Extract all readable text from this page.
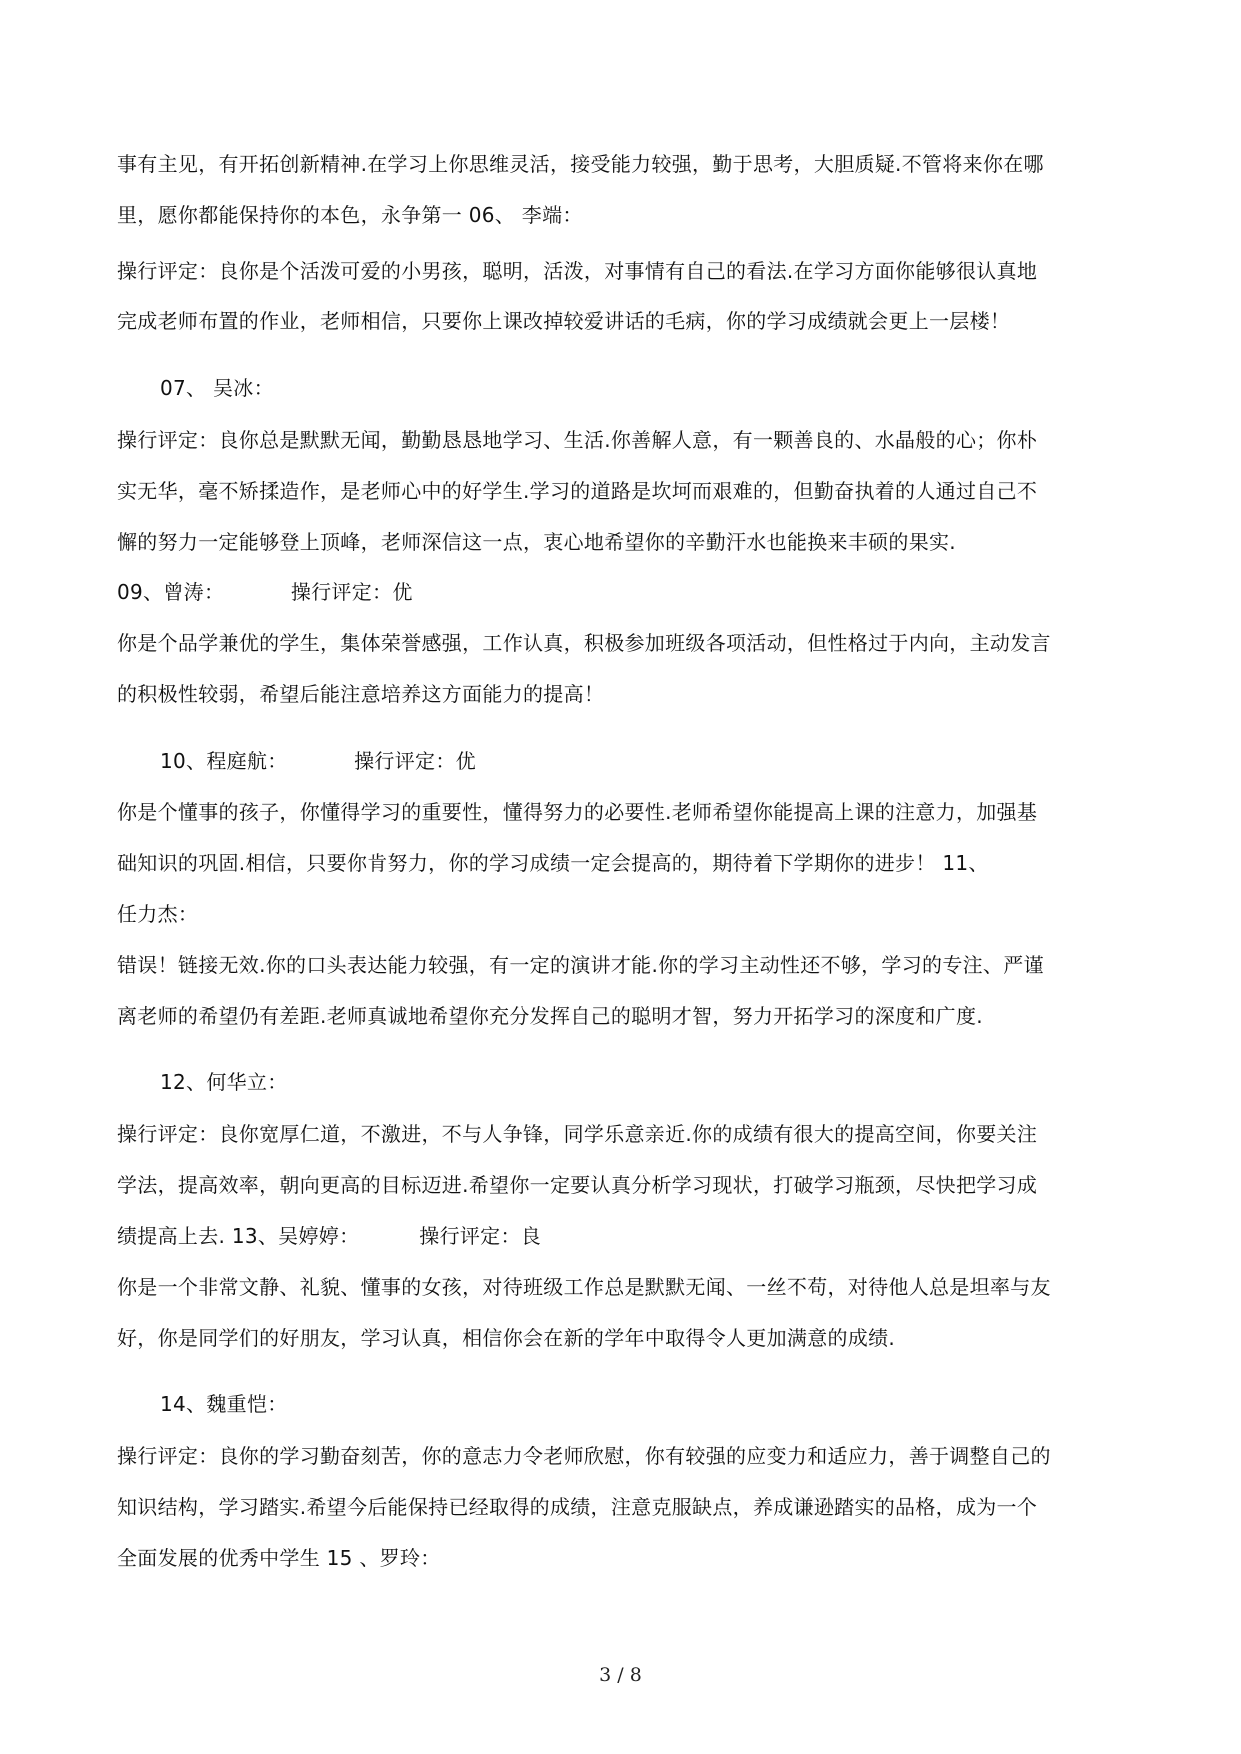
事有主见，有开拓创新精神.在学习上你思维灵活，接受能力较强，勤于思考，大胆质疑.不管将来你在哪
里，愿你都能保持你的本色，永争第一 06、 李端：
操行评定：良你是个活泼可爱的小男孩，聪明，活泼，对事情有自己的看法.在学习方面你能够很认真地
完成老师布置的作业，老师相信，只要你上课改掉较爱讲话的毛病，你的学习成绩就会更上一层楼！
07、 吴冰：
操行评定：良你总是默默无闻，勤勤恳恳地学习、生活.你善解人意，有一颗善良的、水晶般的心；你朴
实无华，毫不矫揉造作，是老师心中的好学生.学习的道路是坎坷而艰难的，但勤奋执着的人通过自己不
懈的努力一定能够登上顶峰，老师深信这一点，衷心地希望你的辛勤汗水也能换来丰硕的果实.
09、曾涛：          操行评定：优
你是个品学兼优的学生，集体荣誉感强，工作认真，积极参加班级各项活动，但性格过于内向，主动发言
的积极性较弱，希望后能注意培养这方面能力的提高！
10、程庭航：          操行评定：优
你是个懂事的孩子，你懂得学习的重要性，懂得努力的必要性.老师希望你能提高上课的注意力，加强基
础知识的巩固.相信，只要你肯努力，你的学习成绩一定会提高的，期待着下学期你的进步！ 11、
任力杰：
错误！链接无效.你的口头表达能力较强，有一定的演讲才能.你的学习主动性还不够，学习的专注、严谨
离老师的希望仍有差距.老师真诚地希望你充分发挥自己的聪明才智，努力开拓学习的深度和广度.
12、何华立：
操行评定：良你宽厚仁道，不激进，不与人争锋，同学乐意亲近.你的成绩有很大的提高空间，你要关注
学法，提高效率，朝向更高的目标迈进.希望你一定要认真分析学习现状，打破学习瓶颈，尽快把学习成
绩提高上去. 13、吴婷婷：         操行评定：良
你是一个非常文静、礼貌、懂事的女孩，对待班级工作总是默默无闻、一丝不苟，对待他人总是坦率与友
好，你是同学们的好朋友，学习认真，相信你会在新的学年中取得令人更加满意的成绩.
14、魏重恺：
操行评定：良你的学习勤奋刻苦，你的意志力令老师欣慰，你有较强的应变力和适应力，善于调整自己的
知识结构，学习踏实.希望今后能保持已经取得的成绩，注意克服缺点，养成谦逊踏实的品格，成为一个
全面发展的优秀中学生 15 、罗玲：
3 / 8
